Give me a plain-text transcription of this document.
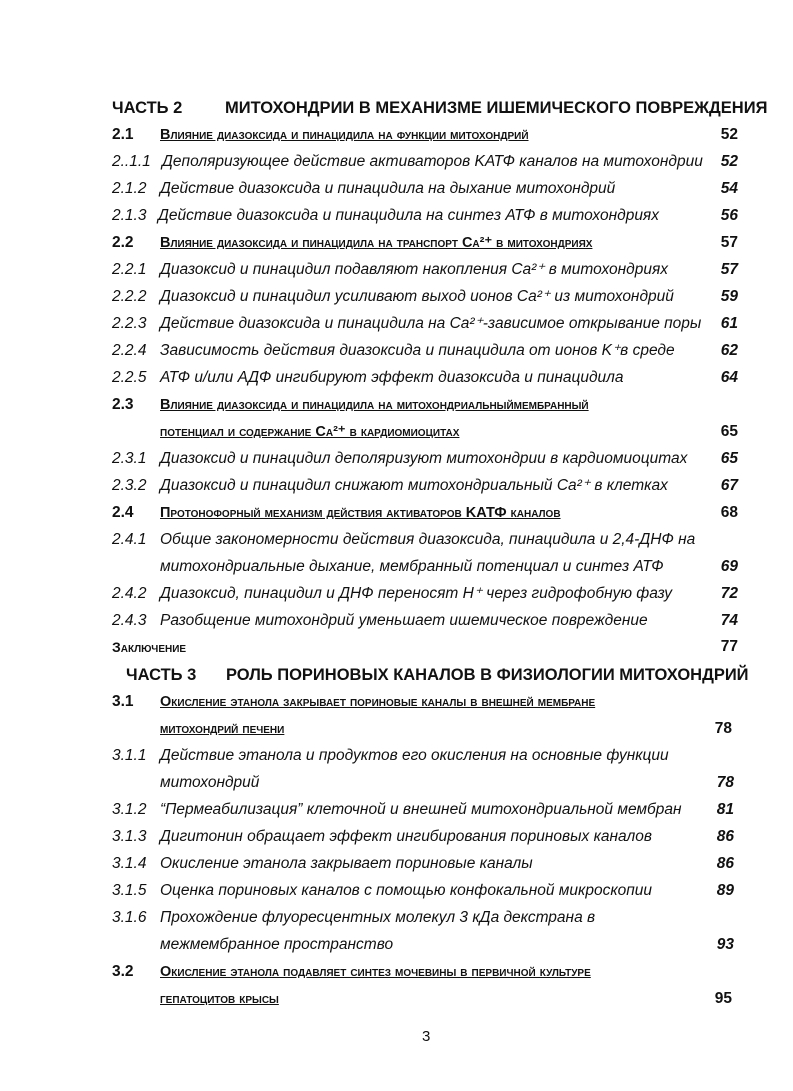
ЧАСТЬ 2	МИТОХОНДРИИ В МЕХАНИЗМЕ ИШЕМИЧЕСКОГО ПОВРЕЖДЕНИЯ
2.1 Влияние диазоксида и пинацидила на функции митохондрий	52
2..1.1 Деполяризующее действие активаторов KАТФ каналов на митохондрии 52
2.1.2 Действие диазоксида и пинацидила на дыхание митохондрий	54
2.1.3 Действие диазоксида и пинацидила на синтез АТФ в митохондриях	56
2.2 Влияние диазоксида и пинацидила на транспорт Ca²⁺ в митохондриях	57
2.2.1 Диазоксид и пинацидил подавляют накопления Ca²⁺ в митохондриях	57
2.2.2 Диазоксид и пинацидил усиливают выход ионов Ca²⁺ из митохондрий	59
2.2.3 Действие диазоксида и пинацидила на Ca²⁺-зависимое открывание поры 61
2.2.4 Зависимость действия диазоксида и пинацидила от ионов K⁺в среде	62
2.2.5 АТФ и/или АДФ ингибируют эффект диазоксида и пинацидила	64
2.3 Влияние диазоксида и пинацидила на митохондриальныймембранный
потенциал и содержание Ca²⁺ в кардиомиоцитах	65
2.3.1 Диазоксид и пинацидил деполяризуют митохондрии в кардиомиоцитах 65
2.3.2 Диазоксид и пинацидил снижают митохондриальный Ca²⁺ в клетках	67
2.4 Протонофорный механизм действия активаторов KАТФ каналов	68
2.4.1 Общие закономерности действия диазоксида, пинацидила и 2,4-ДНФ на
митохондриальные дыхание, мембранный потенциал и синтез АТФ	69
2.4.2 Диазоксид, пинацидил и ДНФ переносят H⁺ через гидрофобную фазу	72
2.4.3 Разобщение митохондрий уменьшает ишемическое повреждение	74
Заключение	77
ЧАСТЬ 3 РОЛЬ ПОРИНОВЫХ КАНАЛОВ В ФИЗИОЛОГИИ МИТОХОНДРИЙ
3.1 Окисление этанола закрывает пориновые каналы в внешней мембране
митохондрий печени	78
3.1.1 Действие этанола и продуктов его окисления на основные функции
митохондрий	78
3.1.2 “Пермеабилизация” клеточной и внешней митохондриальной мембран 81
3.1.3 Дигитонин обращает эффект ингибирования пориновых каналов	86
3.1.4 Окисление этанола закрывает пориновые каналы	86
3.1.5 Оценка пориновых каналов с помощью конфокальной микроскопии	89
3.1.6 Прохождение флуоресцентных молекул 3 кДа декстрана в
межмембранное пространство	93
3.2 Окисление этанола подавляет синтез мочевины в первичной культуре
гепатоцитов крысы	95
3
